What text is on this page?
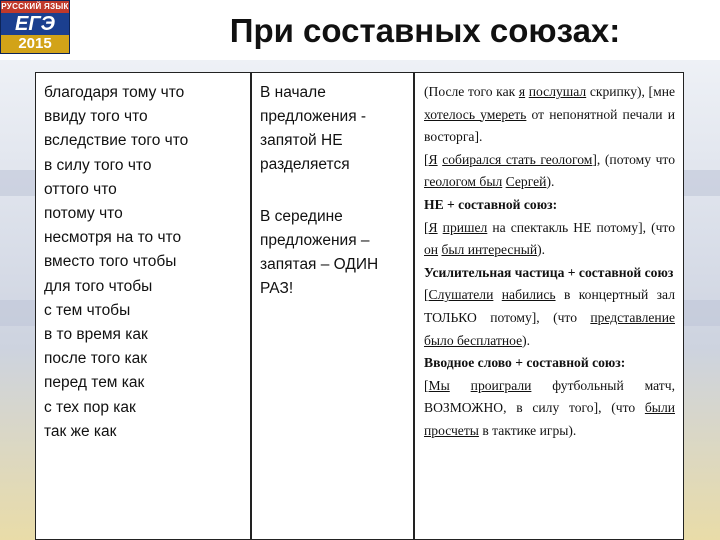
РУССКИЙ ЯЗЫК
ЕГЭ
2015	При составных союзах:
благодаря тому что
ввиду того что
вследствие того что
в силу того что
оттого что
потому что
несмотря на то что
вместо того чтобы
для того чтобы
с тем чтобы
в то время как
после того как
перед тем как
с тех пор как
так же как
В начале предложения - запятой НЕ разделяется
В середине предложения – запятая – ОДИН РАЗ!

(После того как я послушал скрипку), [мне хотелось умереть от непонятной печали и восторга].

[Я собирался стать геологом], (потому что геологом был Сергей).

НЕ + составной союз:

[Я пришел на спектакль НЕ потому], (что он был интересный).

Усилительная частица + составной союз

[Слушатели набились в концертный зал ТОЛЬКО потому], (что представление было бесплатное).

Вводное слово + составной союз:

[Мы проиграли футбольный матч, ВОЗМОЖНО, в силу того], (что были просчеты в тактике игры).
